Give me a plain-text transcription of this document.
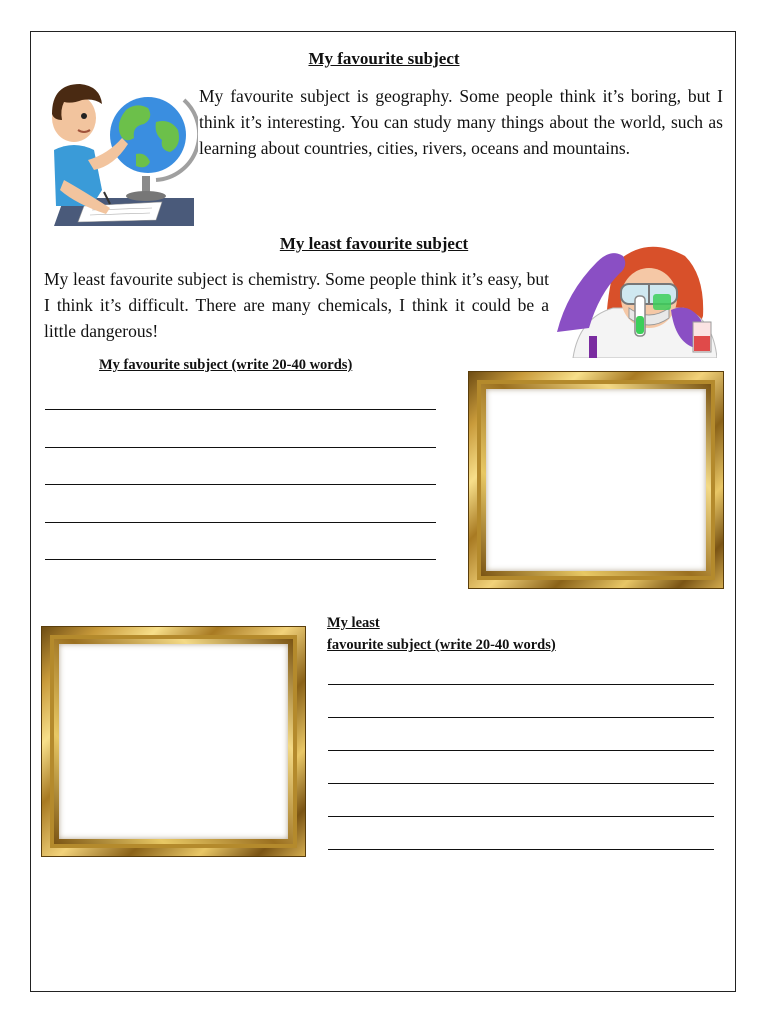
My favourite subject
My favourite subject is geography. Some people think it’s boring, but I think it’s interesting. You can study many things about the world, such as learning about countries, cities, rivers, oceans and mountains.
My least favourite subject
My least favourite subject is chemistry. Some people think it’s easy, but I think it’s difficult. There are many chemicals, I think it could be a little dangerous!
My favourite subject (write 20-40 words)
My least
favourite subject (write 20-40 words)
